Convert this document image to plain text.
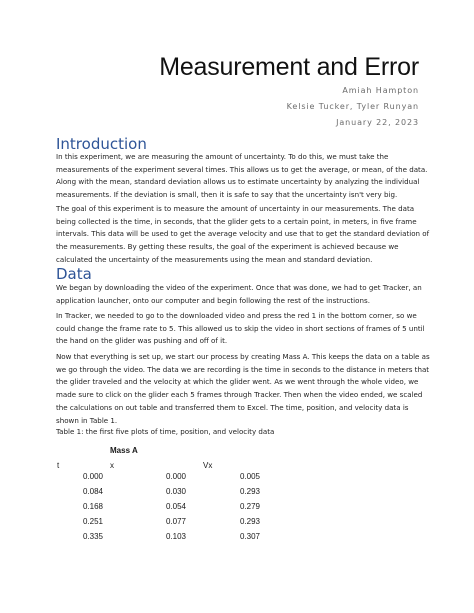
Measurement and Error
Amiah Hampton
Kelsie Tucker, Tyler Runyan
January 22, 2023
Introduction

In this experiment, we are measuring the amount of uncertainty. To do this, we must take the
measurements of the experiment several times. This allows us to get the average, or mean, of the data.
Along with the mean, standard deviation allows us to estimate uncertainty by analyzing the individual
measurements. If the deviation is small, then it is safe to say that the uncertainty isn't very big.

The goal of this experiment is to measure the amount of uncertainty in our measurements. The data
being collected is the time, in seconds, that the glider gets to a certain point, in meters, in five frame
intervals. This data will be used to get the average velocity and use that to get the standard deviation of
the measurements. By getting these results, the goal of the experiment is achieved because we
calculated the uncertainty of the measurements using the mean and standard deviation.

Data

We began by downloading the video of the experiment. Once that was done, we had to get Tracker, an
application launcher, onto our computer and begin following the rest of the instructions.

In Tracker, we needed to go to the downloaded video and press the red 1 in the bottom corner, so we
could change the frame rate to 5. This allowed us to skip the video in short sections of frames of 5 until
the hand on the glider was pushing and off of it.

Now that everything is set up, we start our process by creating Mass A. This keeps the data on a table as
we go through the video. The data we are recording is the time in seconds to the distance in meters that
the glider traveled and the velocity at which the glider went. As we went through the whole video, we
made sure to click on the glider each 5 frames through Tracker. Then when the video ended, we scaled
the calculations on out table and transferred them to Excel. The time, position, and velocity data is
shown in Table 1.

Table 1: the first five plots of time, position, and velocity data
Mass A
t	x	Vx
0.000	0.000	0.005
0.084	0.030	0.293
0.168	0.054	0.279
0.251	0.077	0.293
0.335	0.103	0.307
